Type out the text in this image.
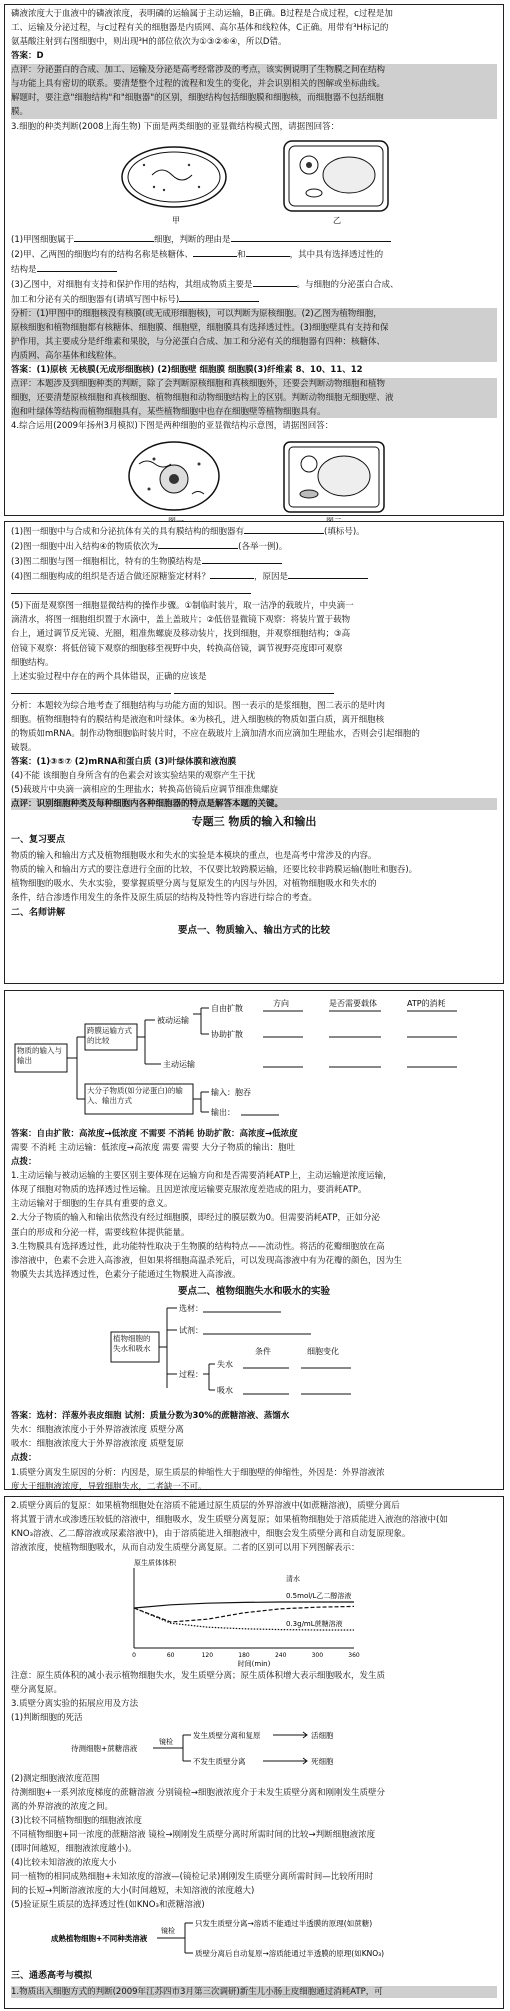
磷液浓度大于血液中的磷液浓度，表明磷的运输属于主动运输，B正确。B过程是合成过程，c过程是加

工、运输及分泌过程，与c过程有关的细胞器是内质网、高尔基体和线粒体，C正确。用带有³H标记的

氨基酸注射到右图细胞中，则出现³H的部位依次为①③②⑥④，所以D错。

答案：D

点评：分泌蛋白的合成、加工、运输及分泌是高考经常涉及的考点，该实例说明了生物膜之间在结构

与功能上具有密切的联系。要清楚整个过程的流程和发生的变化，并会识别相关的图解或坐标曲线。

解题时，要注意"细胞结构"和"细胞器"的区别，细胞结构包括细胞膜和细胞核，而细胞器不包括细胞

膜。

3.细胞的种类判断(2008上海生物) 下面是两类细胞的亚显微结构模式图，请据图回答：

甲	乙

(1)甲图细胞属于	细胞，判断的理由是

(2)甲、乙两图的细胞均有的结构名称是核糖体、	和	，其中具有选择透过性的

结构是

(3)乙图中，对细胞有支持和保护作用的结构，其组成物质主要是	。与细胞的分泌蛋白合成、

加工和分泌有关的细胞器有(请填写图中标号)

分析：(1)甲图中的细胞核没有核膜(或无成形细胞核)，可以判断为原核细胞。(2)乙图为植物细胞，

原核细胞和植物细胞都有核糖体、细胞膜、细胞壁，细胞膜具有选择透过性。(3)细胞壁具有支持和保

护作用，其主要成分是纤维素和果胶，与分泌蛋白合成、加工和分泌有关的细胞器有四种：核糖体、

内质网、高尔基体和线粒体。

答案：(1)原核 无核膜(无成形细胞核) (2)细胞壁 细胞膜 细胞膜(3)纤维素 8、10、11、12

点评：本题涉及到细胞种类的判断，除了会判断原核细胞和真核细胞外，还要会判断动物细胞和植物

细胞，还要清楚原核细胞和真核细胞、植物细胞和动物细胞结构上的区别。判断动物细胞无细胞壁、液

泡和叶绿体等结构而植物细胞具有，某些植物细胞中也存在细胞壁等植物细胞具有。

4.综合运用(2009年扬州3月模拟)下图是两种细胞的亚显微结构示意图，请据图回答：

(1)图一细胞中与合成和分泌抗体有关的具有膜结构的细胞器有	(填标号)。

(2)图一细胞中出入结构④的物质依次为	(各举一例)。

(3)图二细胞与图一细胞相比，特有的生物膜结构是

(4)图二细胞构成的组织是否适合做还原糖鉴定材料？	，原因是

(5)下面是观察图一细胞显微结构的操作步骤。①制临时装片，取一洁净的载玻片，中央滴一

滴清水，将图一细胞组织置于水滴中，盖上盖玻片；②低倍显微镜下观察：将装片置于载物

台上，通过调节反光镜、光圈，粗准焦螺旋及移动装片，找到细胞，并观察细胞结构；③高

倍镜下观察：将低倍镜下观察的细胞移至视野中央，转换高倍镜，调节视野亮度即可观察

细胞结构。

上述实验过程中存在的两个具体错误，正确的应该是

分析：本题较为综合地考查了细胞结构与功能方面的知识。图一表示的是浆细胞，图二表示的是叶肉

细胞。植物细胞特有的膜结构是液泡和叶绿体。④为核孔，进入细胞核的物质如蛋白质，离开细胞核

的物质如mRNA。制作动物细胞临时装片时，不应在载玻片上滴加清水而应滴加生理盐水，否则会引起细胞的

破裂。

答案：(1)③⑤⑦ (2)mRNA和蛋白质 (3)叶绿体膜和液泡膜

(4)不能 该细胞自身所含有的色素会对该实验结果的观察产生干扰

(5)载玻片中央滴一滴相应的生理盐水；转换高倍镜后应调节细准焦螺旋

点评：识别细胞种类及每种细胞内各种细胞器的特点是解答本题的关键。

专题三 物质的输入和输出

一、复习要点

物质的输入和输出方式及植物细胞吸水和失水的实验是本模块的重点，也是高考中常涉及的内容。

物质的输入和输出方式的要注意进行全面的比较，不仅要比较跨膜运输，还要比较非跨膜运输(胞吐和胞吞)。

植物细胞的吸水、失水实验，要掌握质壁分离与复原发生的内因与外因，对植物细胞吸水和失水的

条件，结合渗透作用发生的条件及原生质层的结构及特性等内容进行综合的考查。

二、名师讲解

要点一、物质输入、输出方式的比较
方向	是否需要载体	ATP的消耗
物质的输入与输出
跨膜运输方式的比较
大分子物质(如分泌蛋白)的输入、输出方式
被动运输
自由扩散
协助扩散
主动运输
输入：胞吞
输出：

答案：自由扩散：高浓度→低浓度 不需要 不消耗 协助扩散：高浓度→低浓度

需要 不消耗 主动运输：低浓度→高浓度 需要 需要 大分子物质的输出：胞吐

点拨：

1.主动运输与被动运输的主要区别主要体现在运输方向和是否需要消耗ATP上，主动运输逆浓度运输，

体现了细胞对物质的选择透过性运输。且因逆浓度运输要克服浓度差造成的阻力，要消耗ATP。

主动运输对于细胞的生存具有重要的意义。

2.大分子物质的输入和输出依然没有经过细胞膜，即经过的膜层数为0。但需要消耗ATP，正如分泌

蛋白的形成和分泌一样，需要线粒体提供能量。

3.生物膜具有选择透过性，此功能特性取决于生物膜的结构特点——流动性。将活的花瓣细胞放在高

渗溶液中，色素不会进入高渗液，但如果将细胞高温杀死后，可以发现高渗液中有为花瓣的颜色，因为生

物膜失去其选择透过性，色素分子能通过生物膜进入高渗液。

要点二、植物细胞失水和吸水的实验
植物细胞的失水和吸水
选材：
试剂：
条件	细胞变化
过程：
失水
吸水

答案：选材：洋葱外表皮细胞 试剂：质量分数为30%的蔗糖溶液、蒸馏水

失水：细胞液浓度小于外界溶液浓度 质壁分离

吸水：细胞液浓度大于外界溶液浓度 质壁复原

点拨：

1.质壁分离发生原因的分析：内因是，原生质层的伸缩性大于细胞壁的伸缩性，外因是：外界溶液浓

度大于细胞液浓度，导致细胞失水，二者缺一不可。

2.质壁分离后的复原：如果植物细胞处在溶质不能通过原生质层的外界溶液中(如蔗糖溶液)，质壁分离后

将其置于清水或渗透压较低的溶液中，细胞吸水，发生质壁分离复原；如果植物细胞处于溶质能进入液泡的溶液中(如

KNO₃溶液、乙二醇溶液或尿素溶液中)，由于溶质能进入细胞液中，细胞会发生质壁分离和自动复原现象。

溶液浓度，使植物细胞吸水，从而自动发生质壁分离复原。二者的区别可以用下列图解表示：

原生质体体积
0	60	120	180	240	300	360
时间(min)
清水
0.5mol/L乙二醇溶液
0.3g/mL蔗糖溶液

注意：原生质体积的减小表示植物细胞失水，发生质壁分离；原生质体积增大表示细胞吸水，发生质

壁分离复原。

3.质壁分离实验的拓展应用及方法

(1)判断细胞的死活

待测细胞+蔗糖溶液
镜检
发生质壁分离和复原
不发生质壁分离
活细胞
死细胞

(2)测定细胞液浓度范围

待测细胞+一系列浓度梯度的蔗糖溶液 分别镜检→细胞液浓度介于未发生质壁分离和刚刚发生质壁分

离的外界溶液的浓度之间。

(3)比较不同植物细胞的细胞液浓度

不同植物细胞+同一浓度的蔗糖溶液 镜检→刚刚发生质壁分离时所需时间的比较→判断细胞液浓度

(即时间越短，细胞液浓度越小)。

(4)比较未知溶液的浓度大小

同一植物的相同成熟细胞+未知浓度的溶液—(镜检记录)刚刚发生质壁分离所需时间—比较所用时

间的长短→判断溶液浓度的大小(时间越短，未知溶液的浓度越大)

(5)验证原生质层的选择透过性(如KNO₃和蔗糖溶液)

成熟植物细胞+不同种类溶液
镜检
只发生质壁分离→溶质不能通过半透膜的原理(如蔗糖)
质壁分离后自动复原→溶质能通过半透膜的原理(如KNO₃)

三、通悉高考与模拟

1.物质出入细胞方式的判断(2009年江苏四市3月第三次调研)新生儿小肠上皮细胞通过消耗ATP，可
